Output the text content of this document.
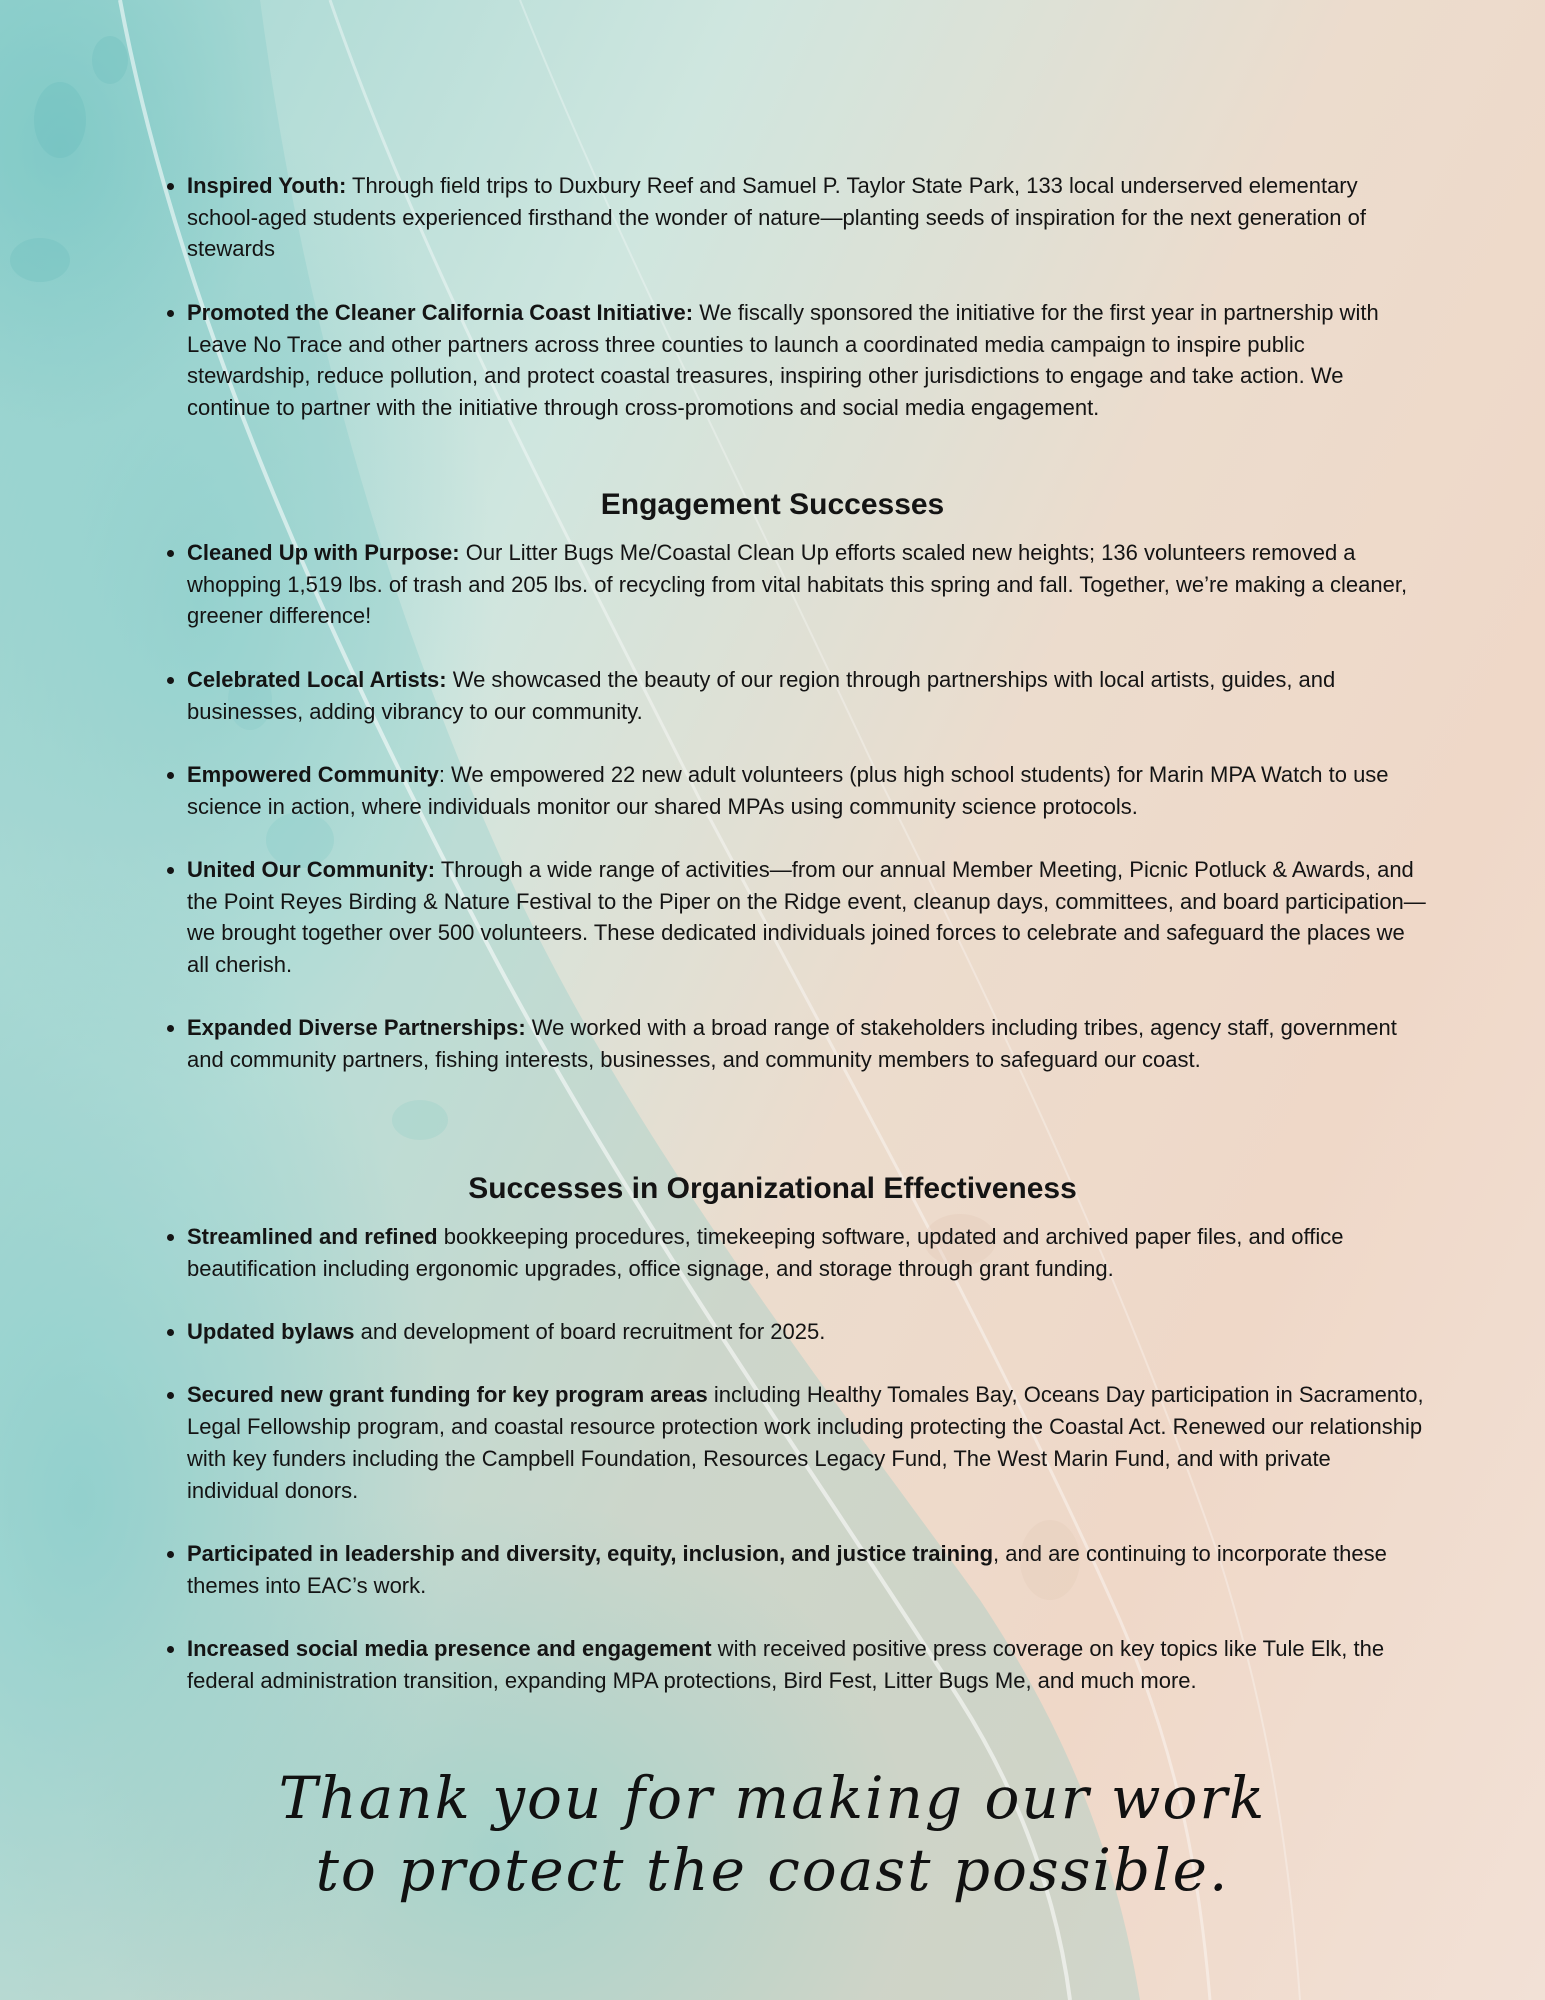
• Inspired Youth: Through field trips to Duxbury Reef and Samuel P. Taylor State Park, 133 local underserved elementary school-aged students experienced firsthand the wonder of nature—planting seeds of inspiration for the next generation of stewards
• Promoted the Cleaner California Coast Initiative: We fiscally sponsored the initiative for the first year in partnership with Leave No Trace and other partners across three counties to launch a coordinated media campaign to inspire public stewardship, reduce pollution, and protect coastal treasures, inspiring other jurisdictions to engage and take action. We continue to partner with the initiative through cross-promotions and social media engagement.
Engagement Successes
• Cleaned Up with Purpose: Our Litter Bugs Me/Coastal Clean Up efforts scaled new heights; 136 volunteers removed a whopping 1,519 lbs. of trash and 205 lbs. of recycling from vital habitats this spring and fall. Together, we’re making a cleaner, greener difference!
• Celebrated Local Artists: We showcased the beauty of our region through partnerships with local artists, guides, and businesses, adding vibrancy to our community.
• Empowered Community: We empowered 22 new adult volunteers (plus high school students) for Marin MPA Watch to use science in action, where individuals monitor our shared MPAs using community science protocols.
• United Our Community: Through a wide range of activities—from our annual Member Meeting, Picnic Potluck & Awards, and the Point Reyes Birding & Nature Festival to the Piper on the Ridge event, cleanup days, committees, and board participation—we brought together over 500 volunteers. These dedicated individuals joined forces to celebrate and safeguard the places we all cherish.
• Expanded Diverse Partnerships: We worked with a broad range of stakeholders including tribes, agency staff, government and community partners, fishing interests, businesses, and community members to safeguard our coast.
Successes in Organizational Effectiveness
• Streamlined and refined bookkeeping procedures, timekeeping software, updated and archived paper files, and office beautification including ergonomic upgrades, office signage, and storage through grant funding.
• Updated bylaws and development of board recruitment for 2025.
• Secured new grant funding for key program areas including Healthy Tomales Bay, Oceans Day participation in Sacramento, Legal Fellowship program, and coastal resource protection work including protecting the Coastal Act. Renewed our relationship with key funders including the Campbell Foundation, Resources Legacy Fund, The West Marin Fund, and with private individual donors.
• Participated in leadership and diversity, equity, inclusion, and justice training, and are continuing to incorporate these themes into EAC’s work.
• Increased social media presence and engagement with received positive press coverage on key topics like Tule Elk, the federal administration transition, expanding MPA protections, Bird Fest, Litter Bugs Me, and much more.
Thank you for making our work
to protect the coast possible.
